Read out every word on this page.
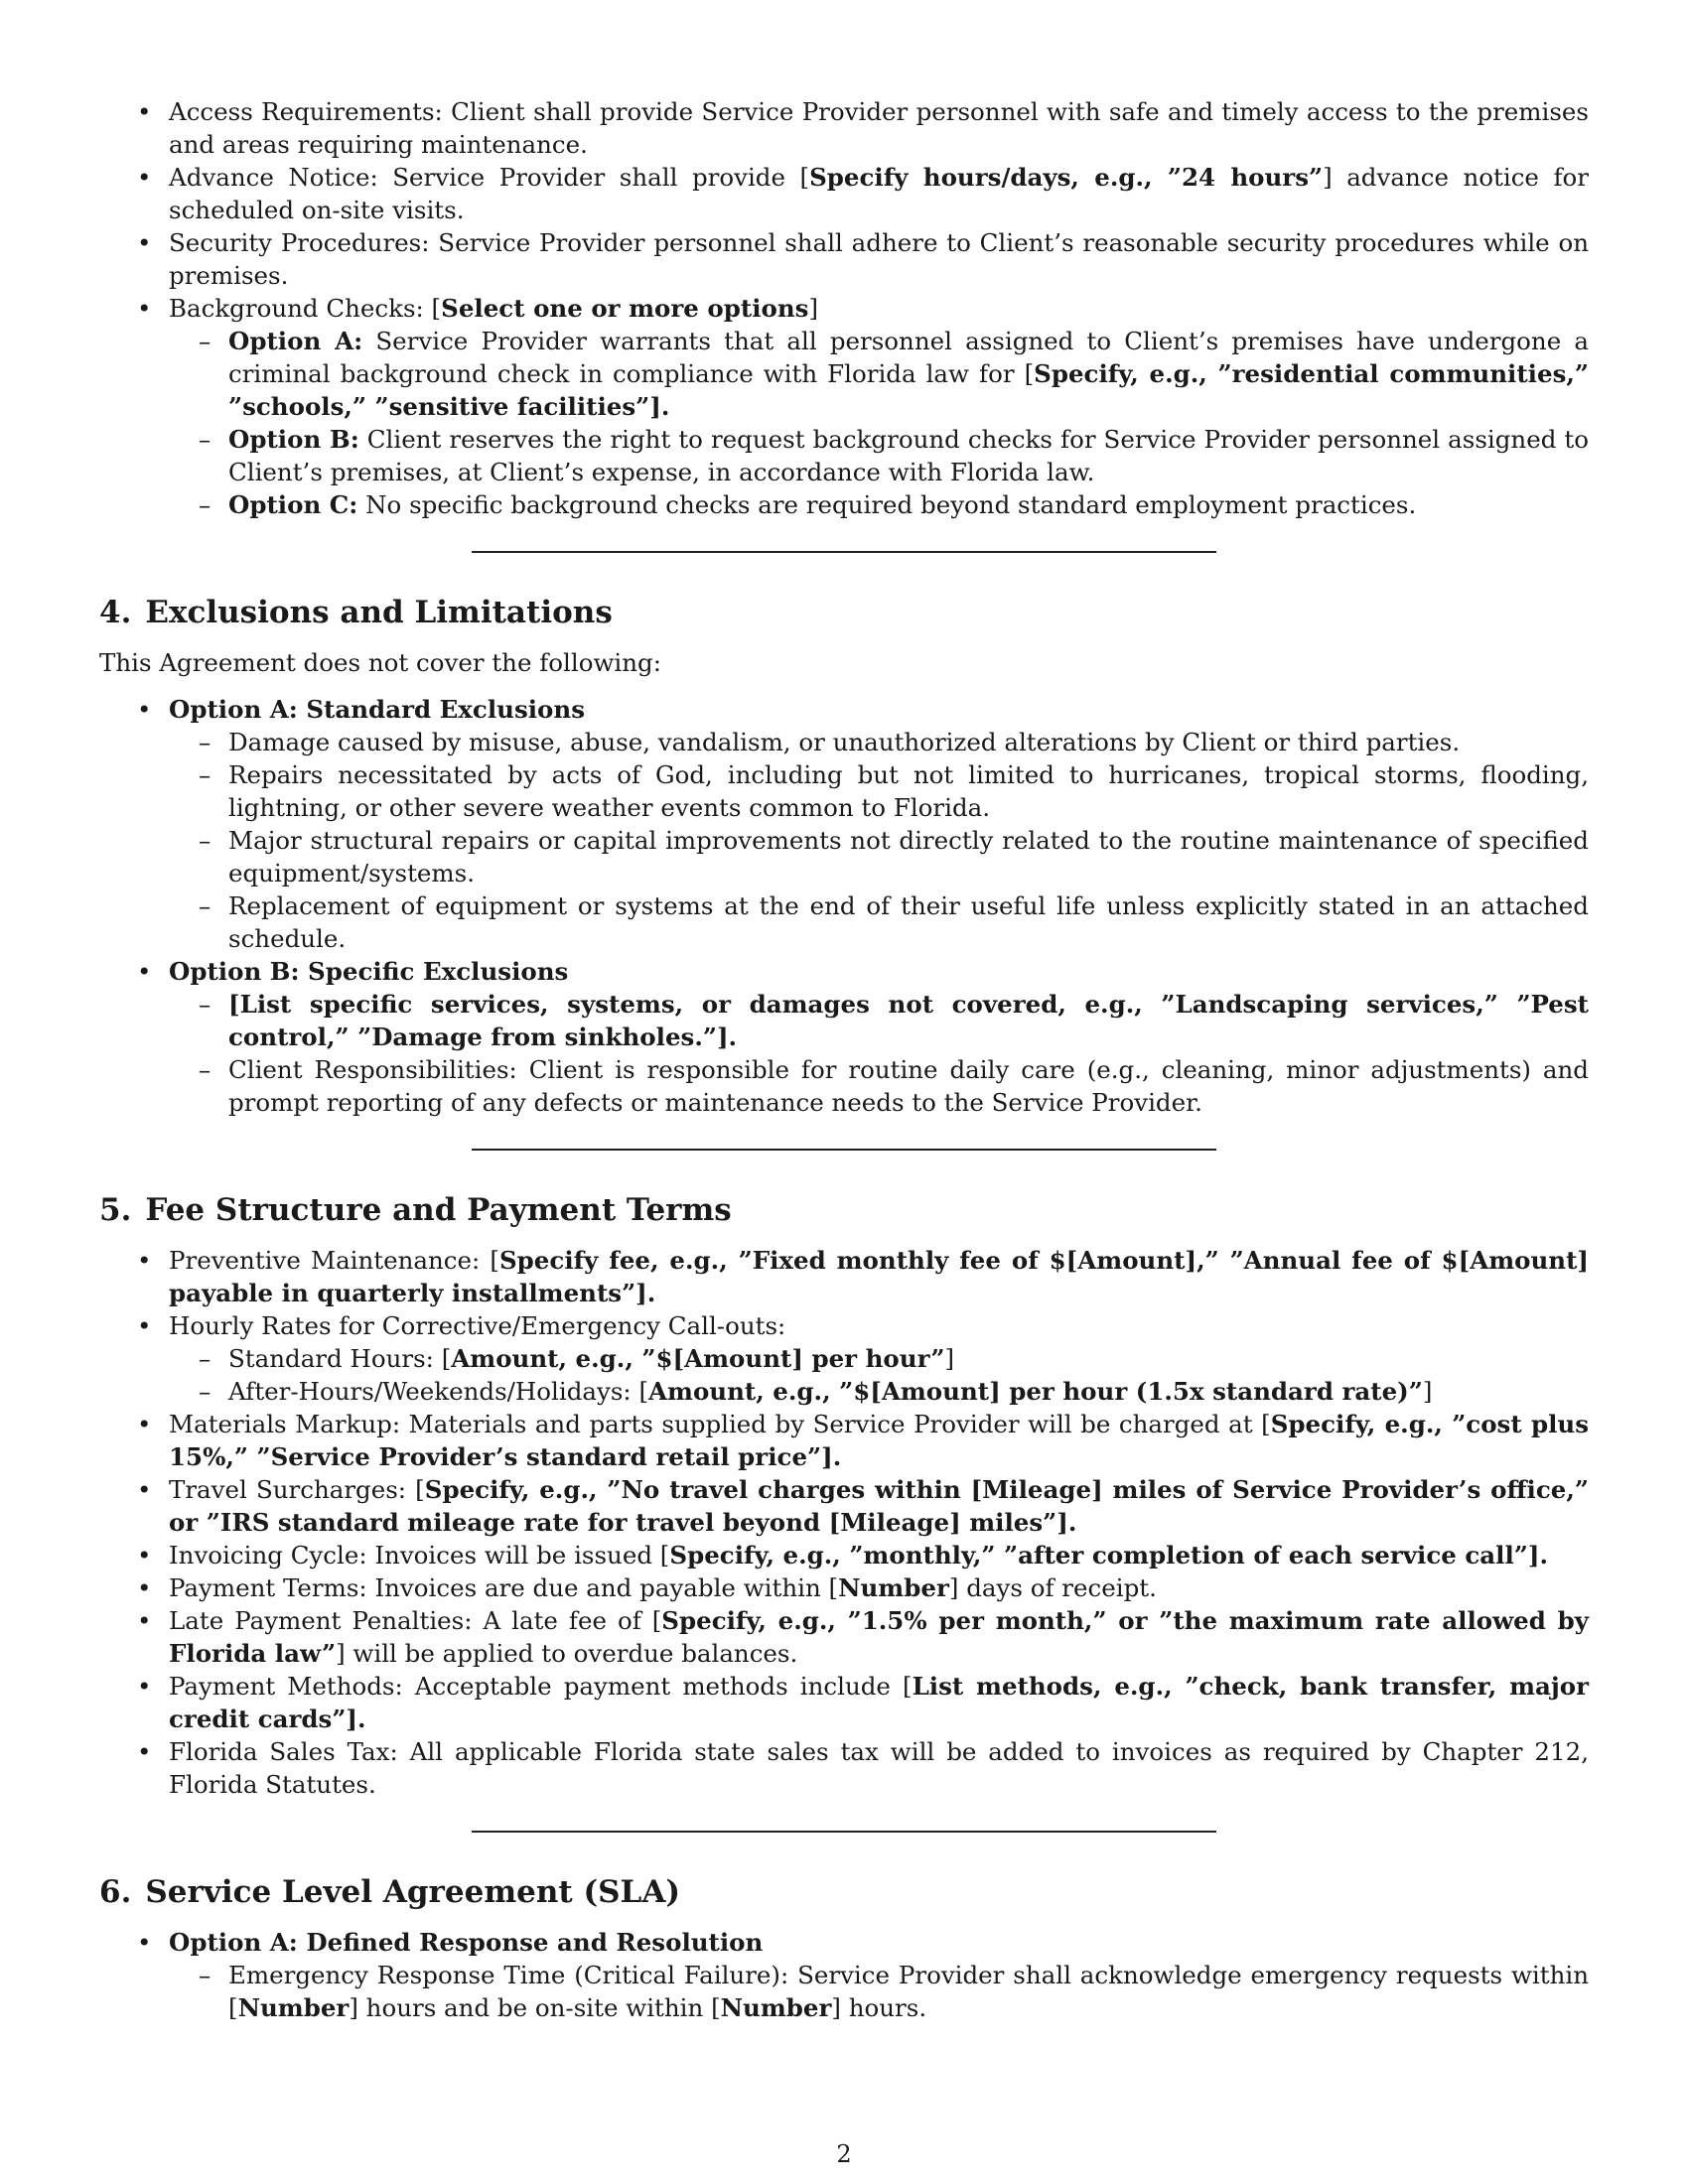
• Access Requirements: Client shall provide Service Provider personnel with safe and timely access to the premises and areas requiring maintenance.
• Advance Notice: Service Provider shall provide [Specify hours/days, e.g., ”24 hours”] advance notice for scheduled on-site visits.
• Security Procedures: Service Provider personnel shall adhere to Client’s reasonable security procedures while on premises.
• Background Checks: [Select one or more options]
– Option A: Service Provider warrants that all personnel assigned to Client’s premises have undergone a criminal background check in compliance with Florida law for [Specify, e.g., ”residential communities,” ”schools,” ”sensitive facilities”].
– Option B: Client reserves the right to request background checks for Service Provider personnel assigned to Client’s premises, at Client’s expense, in accordance with Florida law.
– Option C: No specific background checks are required beyond standard employment practices.
4. Exclusions and Limitations

This Agreement does not cover the following:

• Option A: Standard Exclusions
– Damage caused by misuse, abuse, vandalism, or unauthorized alterations by Client or third parties.
– Repairs necessitated by acts of God, including but not limited to hurricanes, tropical storms, flooding, lightning, or other severe weather events common to Florida.
– Major structural repairs or capital improvements not directly related to the routine maintenance of specified equipment/systems.
– Replacement of equipment or systems at the end of their useful life unless explicitly stated in an attached schedule.
• Option B: Specific Exclusions
– [List specific services, systems, or damages not covered, e.g., ”Landscaping services,” ”Pest control,” ”Damage from sinkholes.”].
– Client Responsibilities: Client is responsible for routine daily care (e.g., cleaning, minor adjustments) and prompt reporting of any defects or maintenance needs to the Service Provider.
5. Fee Structure and Payment Terms
• Preventive Maintenance: [Specify fee, e.g., ”Fixed monthly fee of $[Amount],” ”Annual fee of $[Amount] payable in quarterly installments”].
• Hourly Rates for Corrective/Emergency Call-outs:
– Standard Hours: [Amount, e.g., ”$[Amount] per hour”]
– After-Hours/Weekends/Holidays: [Amount, e.g., ”$[Amount] per hour (1.5x standard rate)”]
• Materials Markup: Materials and parts supplied by Service Provider will be charged at [Specify, e.g., ”cost plus 15%,” ”Service Provider’s standard retail price”].
• Travel Surcharges: [Specify, e.g., ”No travel charges within [Mileage] miles of Service Provider’s office,” or ”IRS standard mileage rate for travel beyond [Mileage] miles”].
• Invoicing Cycle: Invoices will be issued [Specify, e.g., ”monthly,” ”after completion of each service call”].
• Payment Terms: Invoices are due and payable within [Number] days of receipt.
• Late Payment Penalties: A late fee of [Specify, e.g., ”1.5% per month,” or ”the maximum rate allowed by Florida law”] will be applied to overdue balances.
• Payment Methods: Acceptable payment methods include [List methods, e.g., ”check, bank transfer, major credit cards”].
• Florida Sales Tax: All applicable Florida state sales tax will be added to invoices as required by Chapter 212, Florida Statutes.
6. Service Level Agreement (SLA)
• Option A: Defined Response and Resolution
– Emergency Response Time (Critical Failure): Service Provider shall acknowledge emergency requests within [Number] hours and be on-site within [Number] hours.
2
